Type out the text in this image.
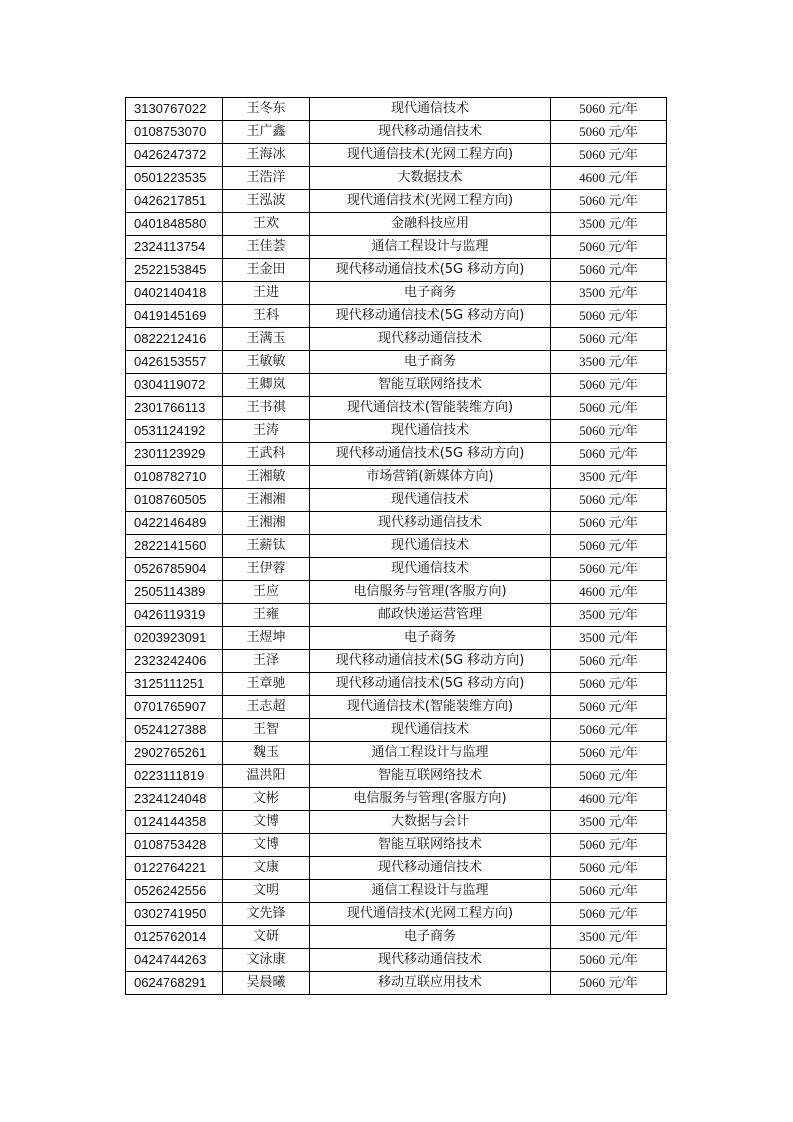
3130767022	王冬东	现代通信技术	5060 元/年
0108753070	王广鑫	现代移动通信技术	5060 元/年
0426247372	王海冰	现代通信技术(光网工程方向)	5060 元/年
0501223535	王浩洋	大数据技术	4600 元/年
0426217851	王泓波	现代通信技术(光网工程方向)	5060 元/年
0401848580	王欢	金融科技应用	3500 元/年
2324113754	王佳荟	通信工程设计与监理	5060 元/年
2522153845	王金田	现代移动通信技术(5G 移动方向)	5060 元/年
0402140418	王进	电子商务	3500 元/年
0419145169	王科	现代移动通信技术(5G 移动方向)	5060 元/年
0822212416	王满玉	现代移动通信技术	5060 元/年
0426153557	王敏敏	电子商务	3500 元/年
0304119072	王卿岚	智能互联网络技术	5060 元/年
2301766113	王书祺	现代通信技术(智能装维方向)	5060 元/年
0531124192	王涛	现代通信技术	5060 元/年
2301123929	王武科	现代移动通信技术(5G 移动方向)	5060 元/年
0108782710	王湘敏	市场营销(新媒体方向)	3500 元/年
0108760505	王湘湘	现代通信技术	5060 元/年
0422146489	王湘湘	现代移动通信技术	5060 元/年
2822141560	王薪钛	现代通信技术	5060 元/年
0526785904	王伊蓉	现代通信技术	5060 元/年
2505114389	王应	电信服务与管理(客服方向)	4600 元/年
0426119319	王雍	邮政快递运营管理	3500 元/年
0203923091	王煜坤	电子商务	3500 元/年
2323242406	王泽	现代移动通信技术(5G 移动方向)	5060 元/年
3125111251	王章驰	现代移动通信技术(5G 移动方向)	5060 元/年
0701765907	王志超	现代通信技术(智能装维方向)	5060 元/年
0524127388	王智	现代通信技术	5060 元/年
2902765261	魏玉	通信工程设计与监理	5060 元/年
0223111819	温洪阳	智能互联网络技术	5060 元/年
2324124048	文彬	电信服务与管理(客服方向)	4600 元/年
0124144358	文博	大数据与会计	3500 元/年
0108753428	文博	智能互联网络技术	5060 元/年
0122764221	文康	现代移动通信技术	5060 元/年
0526242556	文明	通信工程设计与监理	5060 元/年
0302741950	文先锋	现代通信技术(光网工程方向)	5060 元/年
0125762014	文研	电子商务	3500 元/年
0424744263	文泳康	现代移动通信技术	5060 元/年
0624768291	吴晨曦	移动互联应用技术	5060 元/年
